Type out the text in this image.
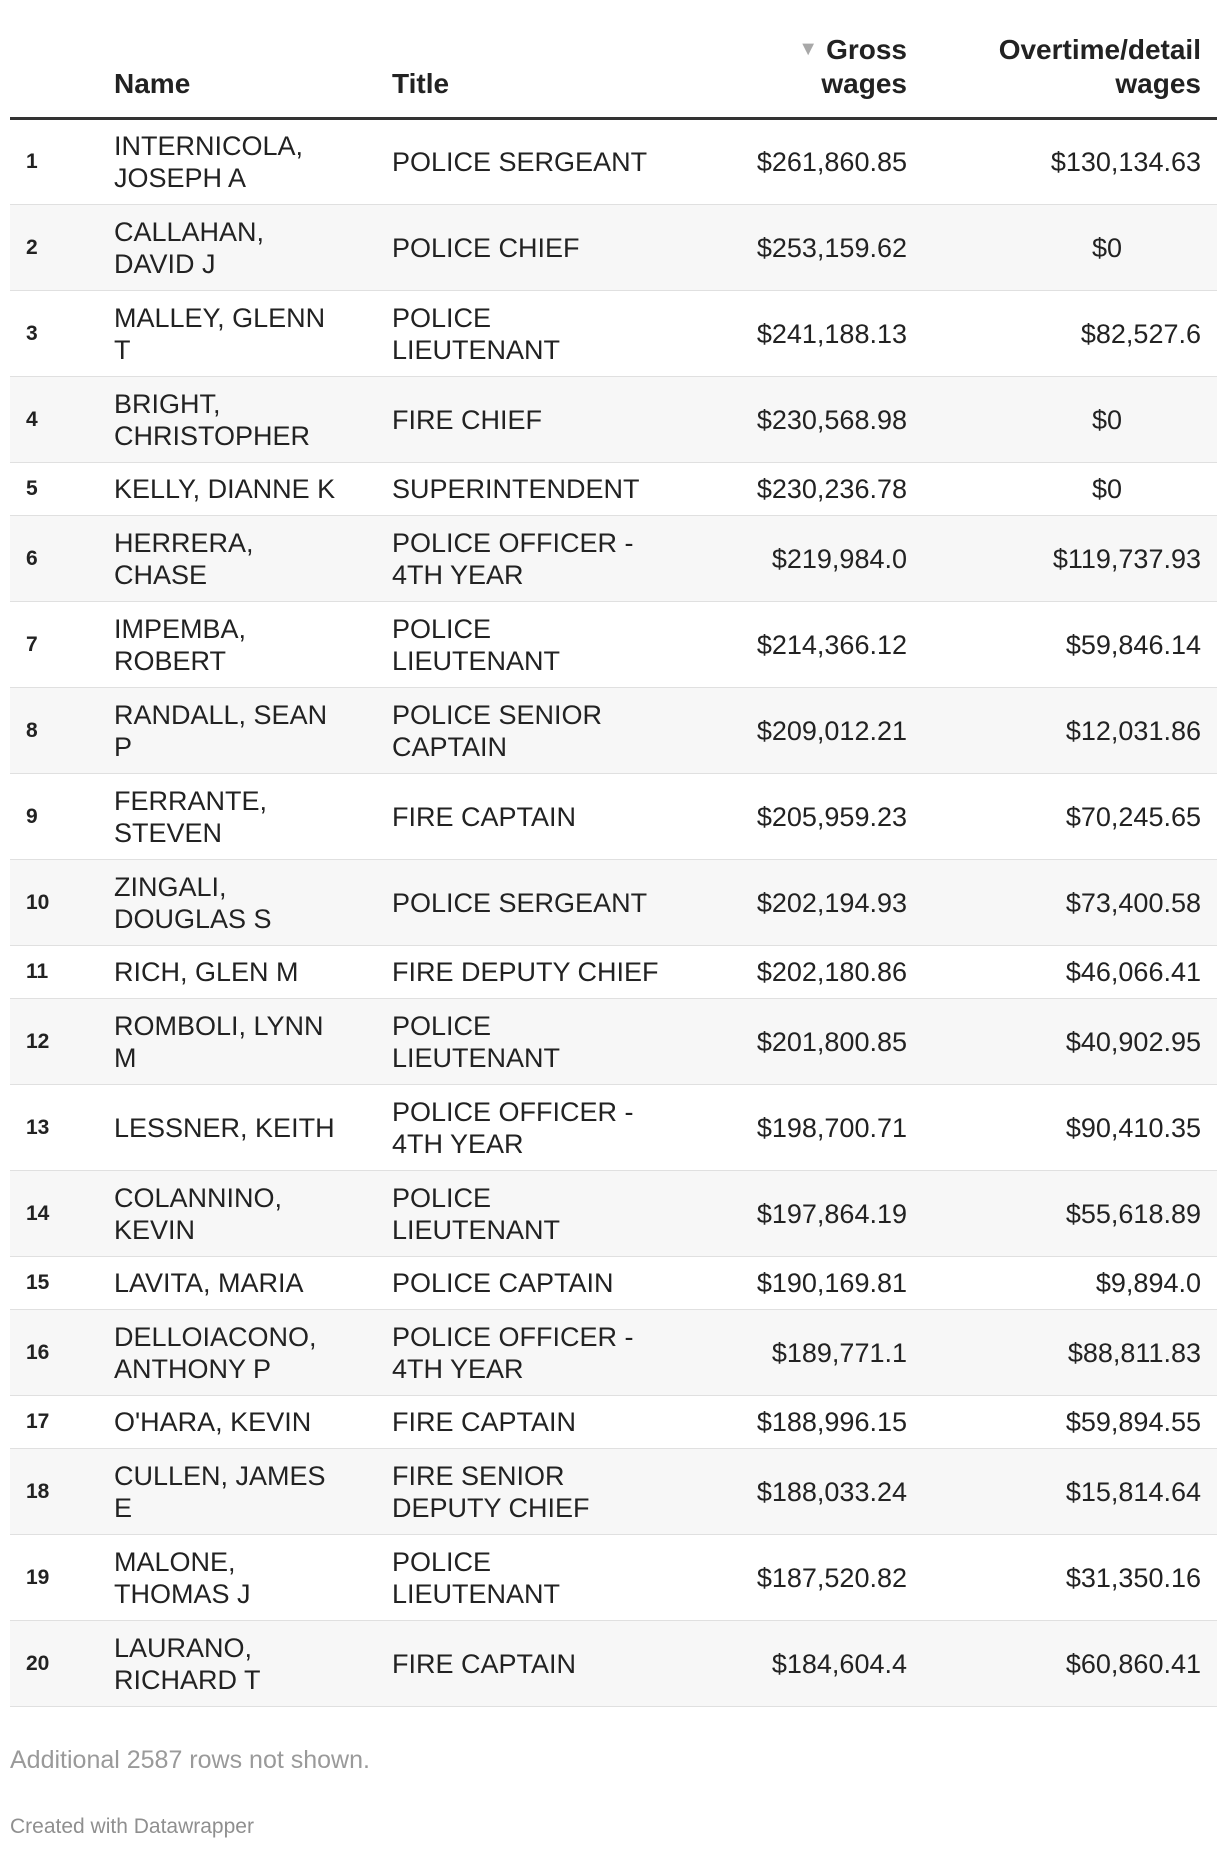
	Name	Title	▼ Gross
wages	Overtime/detail
wages
1	INTERNICOLA,
JOSEPH A	POLICE SERGEANT	$261,860.85	$130,134.63
2	CALLAHAN,
DAVID J	POLICE CHIEF	$253,159.62	$0
3	MALLEY, GLENN
T	POLICE
LIEUTENANT	$241,188.13	$82,527.6
4	BRIGHT,
CHRISTOPHER	FIRE CHIEF	$230,568.98	$0
5	KELLY, DIANNE K	SUPERINTENDENT	$230,236.78	$0
6	HERRERA,
CHASE	POLICE OFFICER -
4TH YEAR	$219,984.0	$119,737.93
7	IMPEMBA,
ROBERT	POLICE
LIEUTENANT	$214,366.12	$59,846.14
8	RANDALL, SEAN
P	POLICE SENIOR
CAPTAIN	$209,012.21	$12,031.86
9	FERRANTE,
STEVEN	FIRE CAPTAIN	$205,959.23	$70,245.65
10	ZINGALI,
DOUGLAS S	POLICE SERGEANT	$202,194.93	$73,400.58
11	RICH, GLEN M	FIRE DEPUTY CHIEF	$202,180.86	$46,066.41
12	ROMBOLI, LYNN
M	POLICE
LIEUTENANT	$201,800.85	$40,902.95
13	LESSNER, KEITH	POLICE OFFICER -
4TH YEAR	$198,700.71	$90,410.35
14	COLANNINO,
KEVIN	POLICE
LIEUTENANT	$197,864.19	$55,618.89
15	LAVITA, MARIA	POLICE CAPTAIN	$190,169.81	$9,894.0
16	DELLOIACONO,
ANTHONY P	POLICE OFFICER -
4TH YEAR	$189,771.1	$88,811.83
17	O'HARA, KEVIN	FIRE CAPTAIN	$188,996.15	$59,894.55
18	CULLEN, JAMES
E	FIRE SENIOR
DEPUTY CHIEF	$188,033.24	$15,814.64
19	MALONE,
THOMAS J	POLICE
LIEUTENANT	$187,520.82	$31,350.16
20	LAURANO,
RICHARD T	FIRE CAPTAIN	$184,604.4	$60,860.41
Additional 2587 rows not shown.
Created with Datawrapper
